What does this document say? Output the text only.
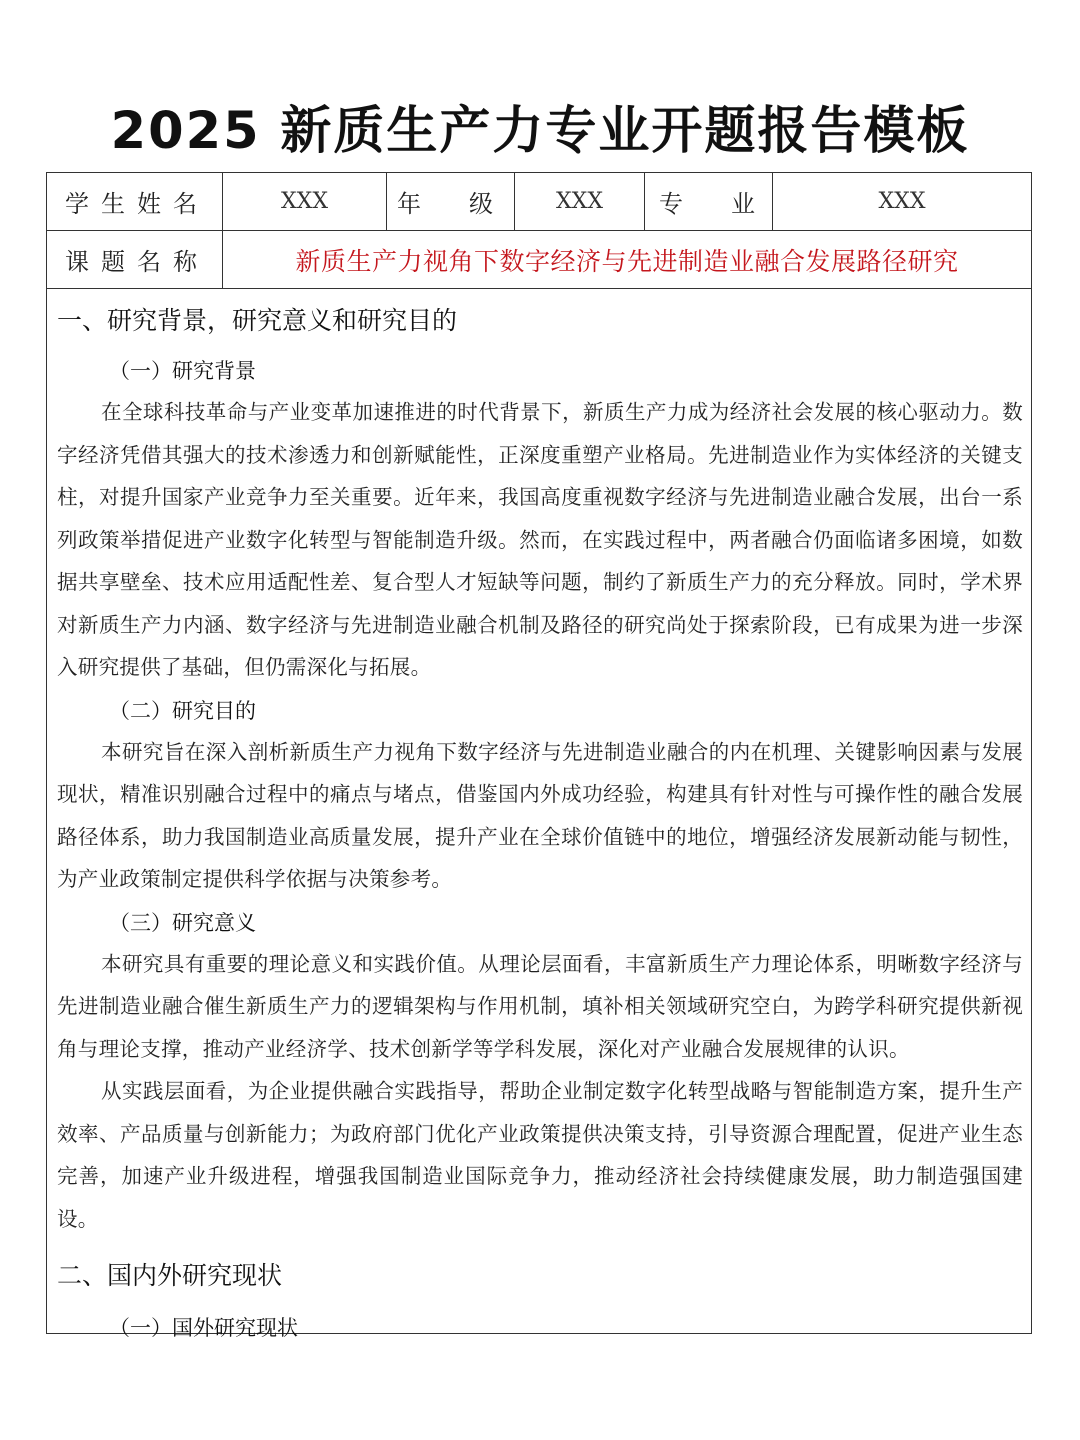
2025 新质生产力专业开题报告模板
学生姓名	XXX	年　　级	XXX	专　　业	XXX
课题名称	新质生产力视角下数字经济与先进制造业融合发展路径研究
一、研究背景，研究意义和研究目的
（一）研究背景

在全球科技革命与产业变革加速推进的时代背景下，新质生产力成为经济社会发展的核心驱动力。数字经济凭借其强大的技术渗透力和创新赋能性，正深度重塑产业格局。先进制造业作为实体经济的关键支柱，对提升国家产业竞争力至关重要。近年来，我国高度重视数字经济与先进制造业融合发展，出台一系列政策举措促进产业数字化转型与智能制造升级。然而，在实践过程中，两者融合仍面临诸多困境，如数据共享壁垒、技术应用适配性差、复合型人才短缺等问题，制约了新质生产力的充分释放。同时，学术界对新质生产力内涵、数字经济与先进制造业融合机制及路径的研究尚处于探索阶段，已有成果为进一步深入研究提供了基础，但仍需深化与拓展。

（二）研究目的

本研究旨在深入剖析新质生产力视角下数字经济与先进制造业融合的内在机理、关键影响因素与发展现状，精准识别融合过程中的痛点与堵点，借鉴国内外成功经验，构建具有针对性与可操作性的融合发展路径体系，助力我国制造业高质量发展，提升产业在全球价值链中的地位，增强经济发展新动能与韧性，为产业政策制定提供科学依据与决策参考。

（三）研究意义

本研究具有重要的理论意义和实践价值。从理论层面看，丰富新质生产力理论体系，明晰数字经济与先进制造业融合催生新质生产力的逻辑架构与作用机制，填补相关领域研究空白，为跨学科研究提供新视角与理论支撑，推动产业经济学、技术创新学等学科发展，深化对产业融合发展规律的认识。

从实践层面看，为企业提供融合实践指导，帮助企业制定数字化转型战略与智能制造方案，提升生产效率、产品质量与创新能力；为政府部门优化产业政策提供决策支持，引导资源合理配置，促进产业生态完善，加速产业升级进程，增强我国制造业国际竞争力，推动经济社会持续健康发展，助力制造强国建设。

二、国内外研究现状
（一）国外研究现状
